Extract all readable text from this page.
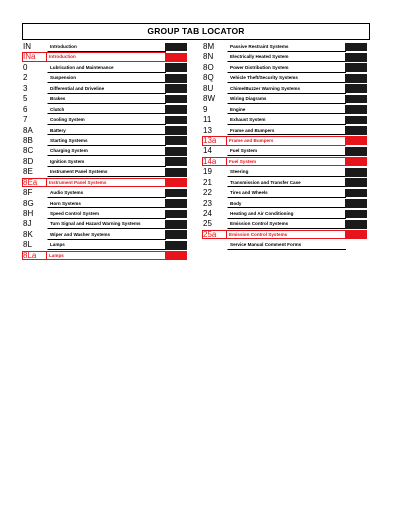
GROUP TAB LOCATOR
IN	Introduction
INa	Introduction
0	Lubrication and Maintenance
2	Suspension
3	Differential and Driveline
5	Brakes
6	Clutch
7	Cooling System
8A	Battery
8B	Starting Systems
8C	Charging System
8D	Ignition System
8E	Instrument Panel Systems
8Ea	Instrument Panel Systems
8F	Audio Systems
8G	Horn Systems
8H	Speed Control System
8J	Turn Signal and Hazard Warning Systems
8K	Wiper and Washer Systems
8L	Lamps
8La	Lamps
8M	Passive Restraint Systems
8N	Electrically Heated System
8O	Power Distribution System
8Q	Vehicle Theft/Security Systems
8U	Chime/Buzzer Warning Systems
8W	Wiring Diagrams
9	Engine
11	Exhaust System
13	Frame and Bumpers
13a	Frame and Bumpers
14	Fuel System
14a	Fuel System
19	Steering
21	Transmission and Transfer Case
22	Tires and Wheels
23	Body
24	Heating and Air Conditioning
25	Emission Control Systems
25a	Emission Control Systems
Service Manual Comment Forms
